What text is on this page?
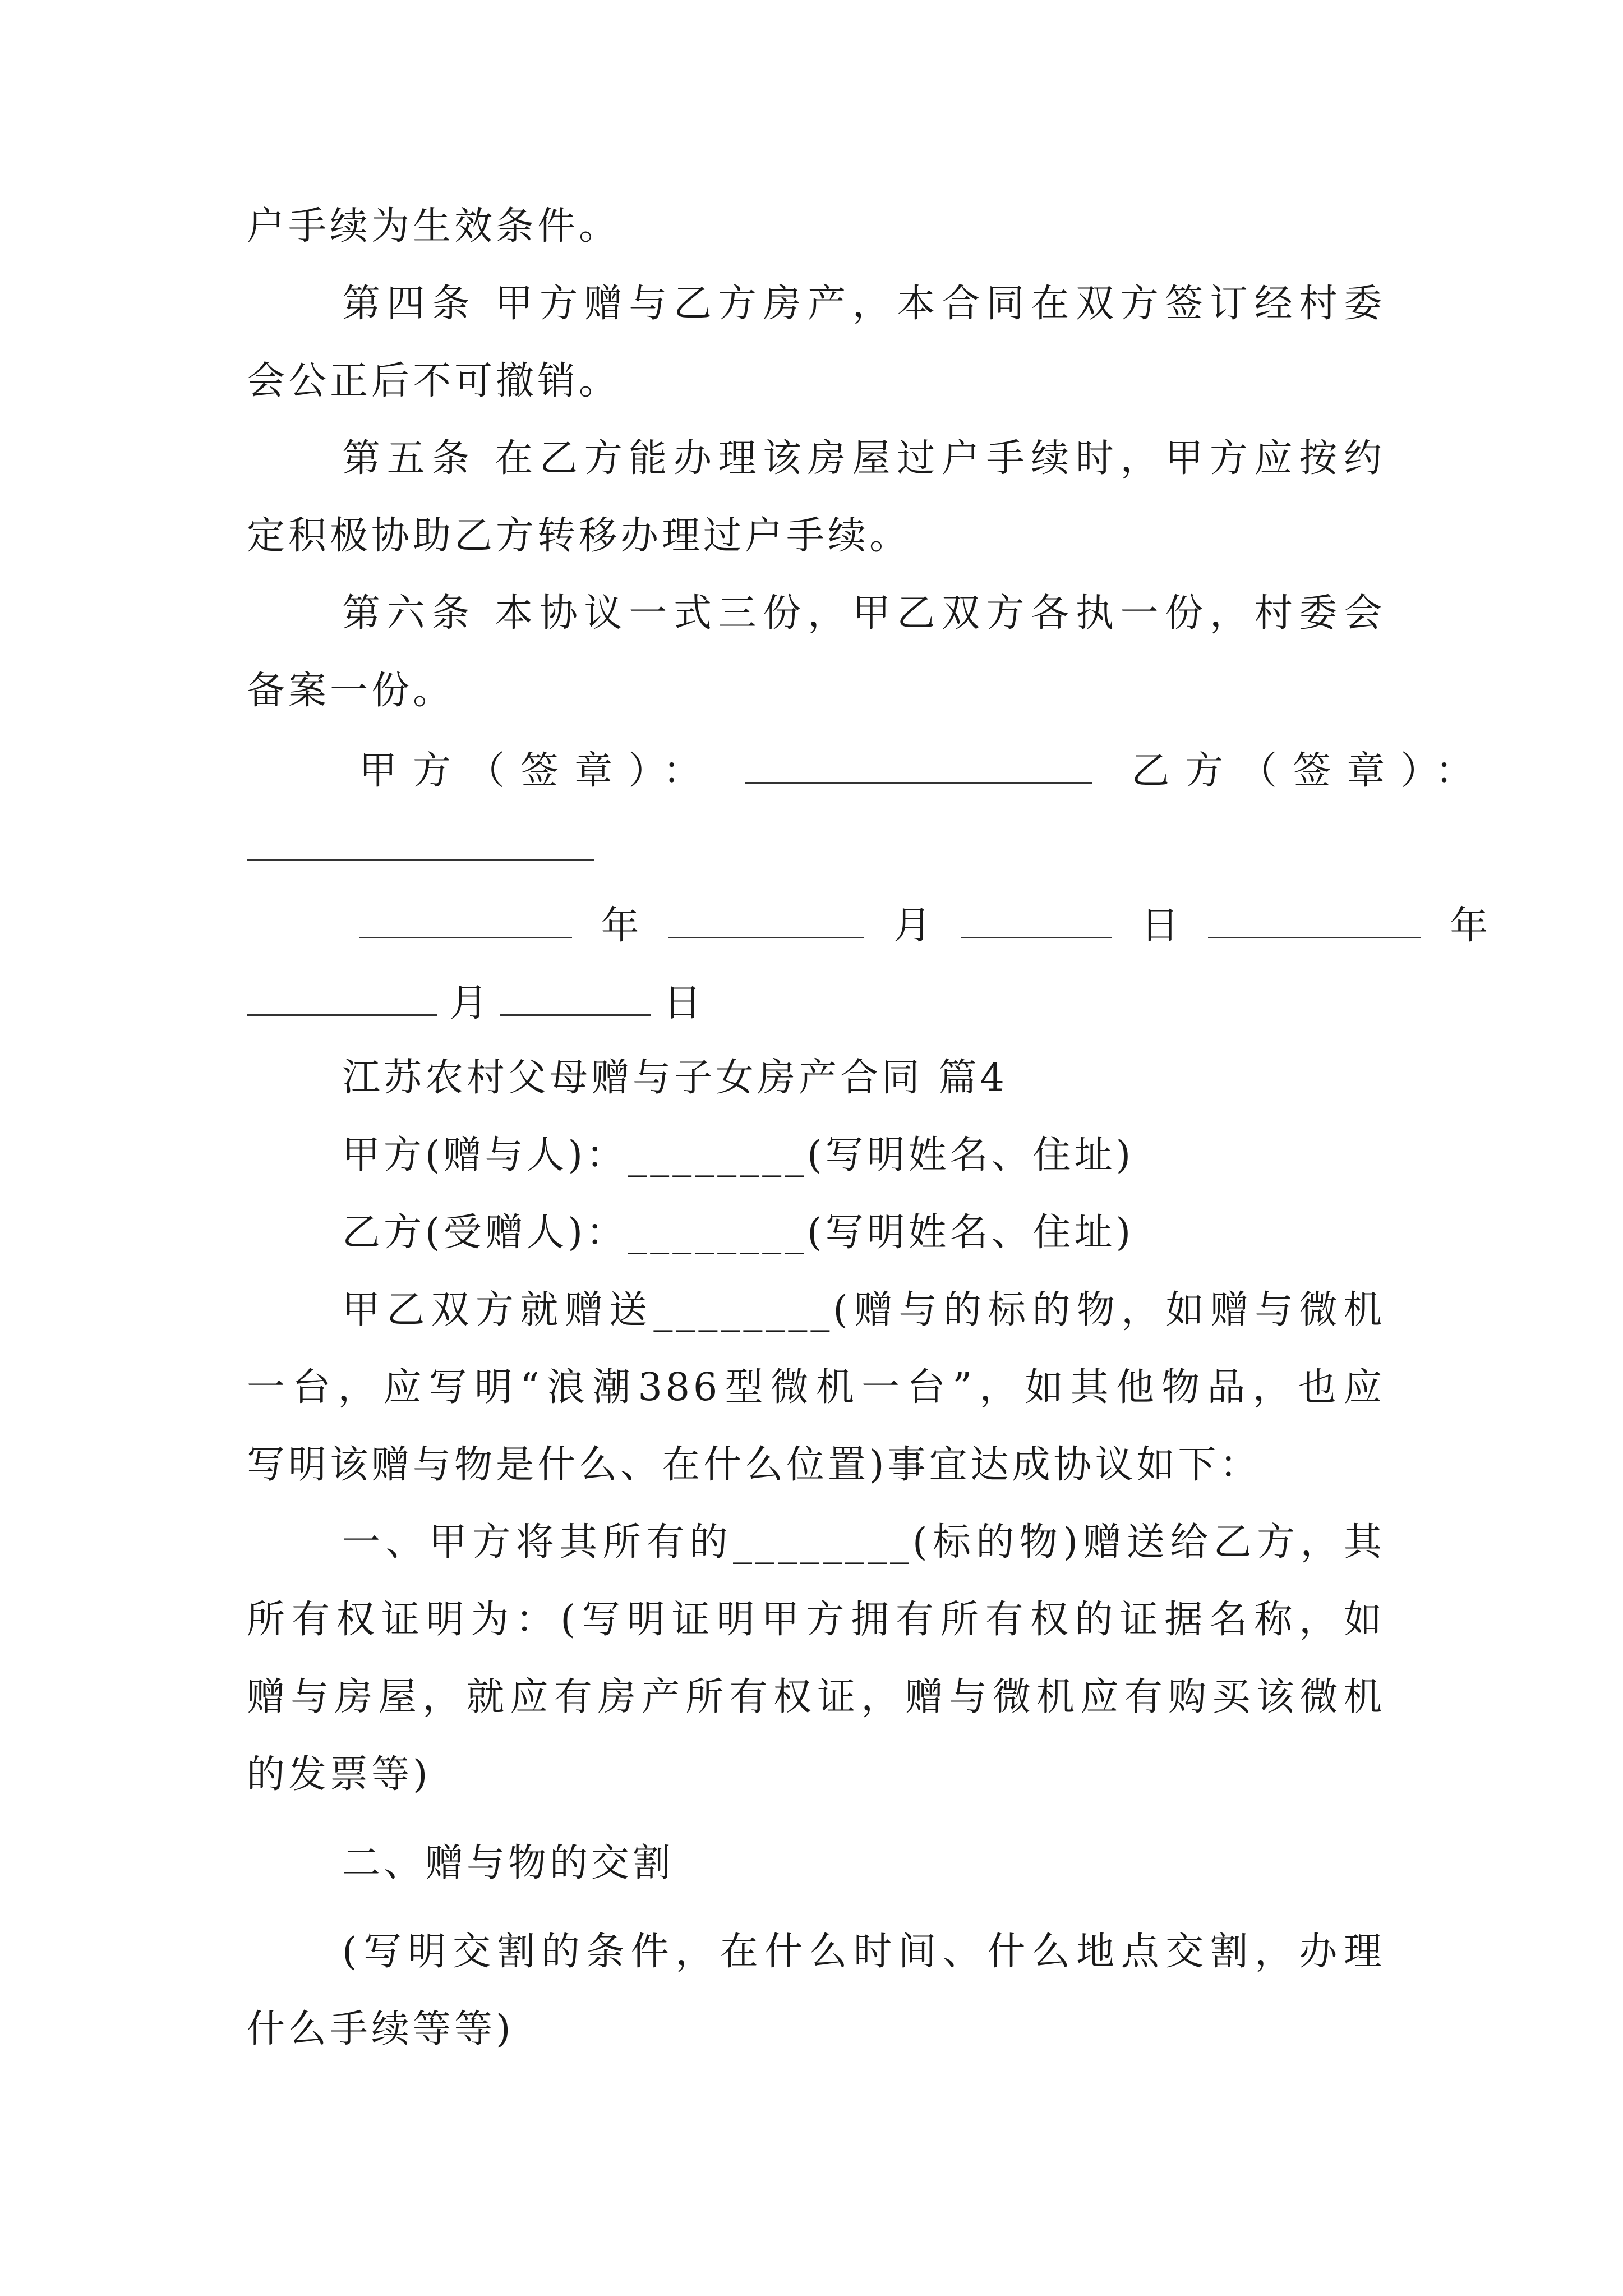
户手续为生效条件。
第四条 甲方赠与乙方房产，本合同在双方签订经村委
会公正后不可撤销。
第五条 在乙方能办理该房屋过户手续时，甲方应按约
定积极协助乙方转移办理过户手续。
第六条 本协议一式三份，甲乙双方各执一份，村委会
备案一份。
甲方（签章）：	乙方（签章）：
年	月	日	年
月	日
江苏农村父母赠与子女房产合同 篇4
甲方(赠与人)：________(写明姓名、住址)
乙方(受赠人)：________(写明姓名、住址)
甲乙双方就赠送________(赠与的标的物，如赠与微机
一台，应写明“浪潮386型微机一台”，如其他物品，也应
写明该赠与物是什么、在什么位置)事宜达成协议如下：
一、甲方将其所有的________(标的物)赠送给乙方，其
所有权证明为：(写明证明甲方拥有所有权的证据名称，如
赠与房屋，就应有房产所有权证，赠与微机应有购买该微机
的发票等)
二、赠与物的交割
(写明交割的条件，在什么时间、什么地点交割，办理
什么手续等等)
